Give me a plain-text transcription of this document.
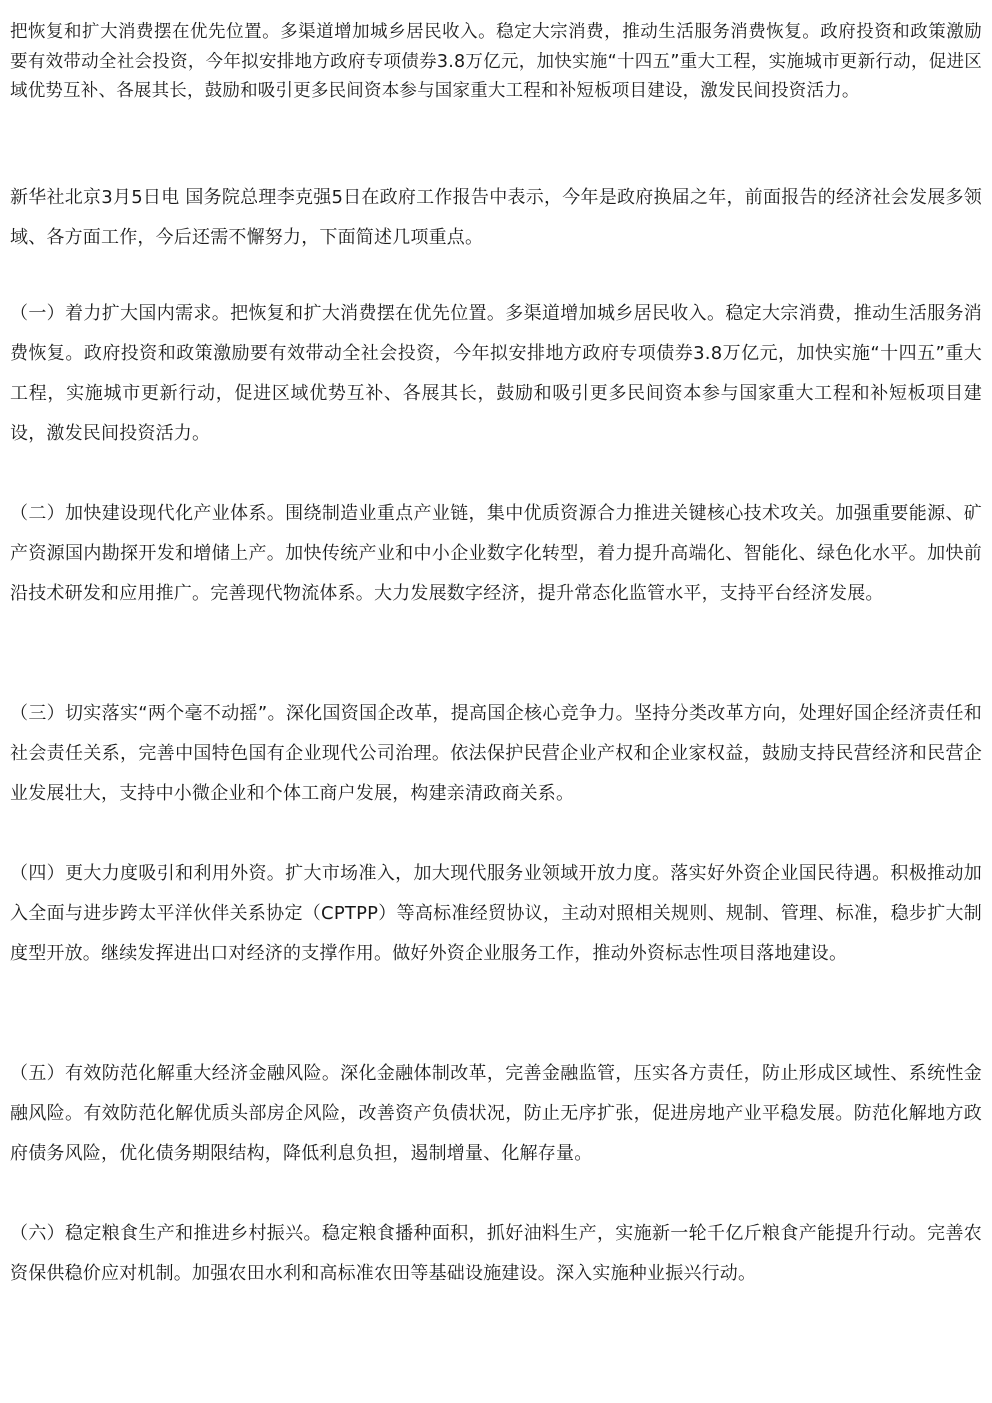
把恢复和扩大消费摆在优先位置。多渠道增加城乡居民收入。稳定大宗消费，推动生活服务消费恢复。政府投资和政策激励要有效带动全社会投资，今年拟安排地方政府专项债券3.8万亿元，加快实施“十四五”重大工程，实施城市更新行动，促进区域优势互补、各展其长，鼓励和吸引更多民间资本参与国家重大工程和补短板项目建设，激发民间投资活力。

新华社北京3月5日电 国务院总理李克强5日在政府工作报告中表示，今年是政府换届之年，前面报告的经济社会发展多领域、各方面工作，今后还需不懈努力，下面简述几项重点。

（一）着力扩大国内需求。把恢复和扩大消费摆在优先位置。多渠道增加城乡居民收入。稳定大宗消费，推动生活服务消费恢复。政府投资和政策激励要有效带动全社会投资，今年拟安排地方政府专项债券3.8万亿元，加快实施“十四五”重大工程，实施城市更新行动，促进区域优势互补、各展其长，鼓励和吸引更多民间资本参与国家重大工程和补短板项目建设，激发民间投资活力。

（二）加快建设现代化产业体系。围绕制造业重点产业链，集中优质资源合力推进关键核心技术攻关。加强重要能源、矿产资源国内勘探开发和增储上产。加快传统产业和中小企业数字化转型，着力提升高端化、智能化、绿色化水平。加快前沿技术研发和应用推广。完善现代物流体系。大力发展数字经济，提升常态化监管水平，支持平台经济发展。

（三）切实落实“两个毫不动摇”。深化国资国企改革，提高国企核心竞争力。坚持分类改革方向，处理好国企经济责任和社会责任关系，完善中国特色国有企业现代公司治理。依法保护民营企业产权和企业家权益，鼓励支持民营经济和民营企业发展壮大，支持中小微企业和个体工商户发展，构建亲清政商关系。

（四）更大力度吸引和利用外资。扩大市场准入，加大现代服务业领域开放力度。落实好外资企业国民待遇。积极推动加入全面与进步跨太平洋伙伴关系协定（CPTPP）等高标准经贸协议，主动对照相关规则、规制、管理、标准，稳步扩大制度型开放。继续发挥进出口对经济的支撑作用。做好外资企业服务工作，推动外资标志性项目落地建设。

（五）有效防范化解重大经济金融风险。深化金融体制改革，完善金融监管，压实各方责任，防止形成区域性、系统性金融风险。有效防范化解优质头部房企风险，改善资产负债状况，防止无序扩张，促进房地产业平稳发展。防范化解地方政府债务风险，优化债务期限结构，降低利息负担，遏制增量、化解存量。

（六）稳定粮食生产和推进乡村振兴。稳定粮食播种面积，抓好油料生产，实施新一轮千亿斤粮食产能提升行动。完善农资保供稳价应对机制。加强农田水利和高标准农田等基础设施建设。深入实施种业振兴行动。
